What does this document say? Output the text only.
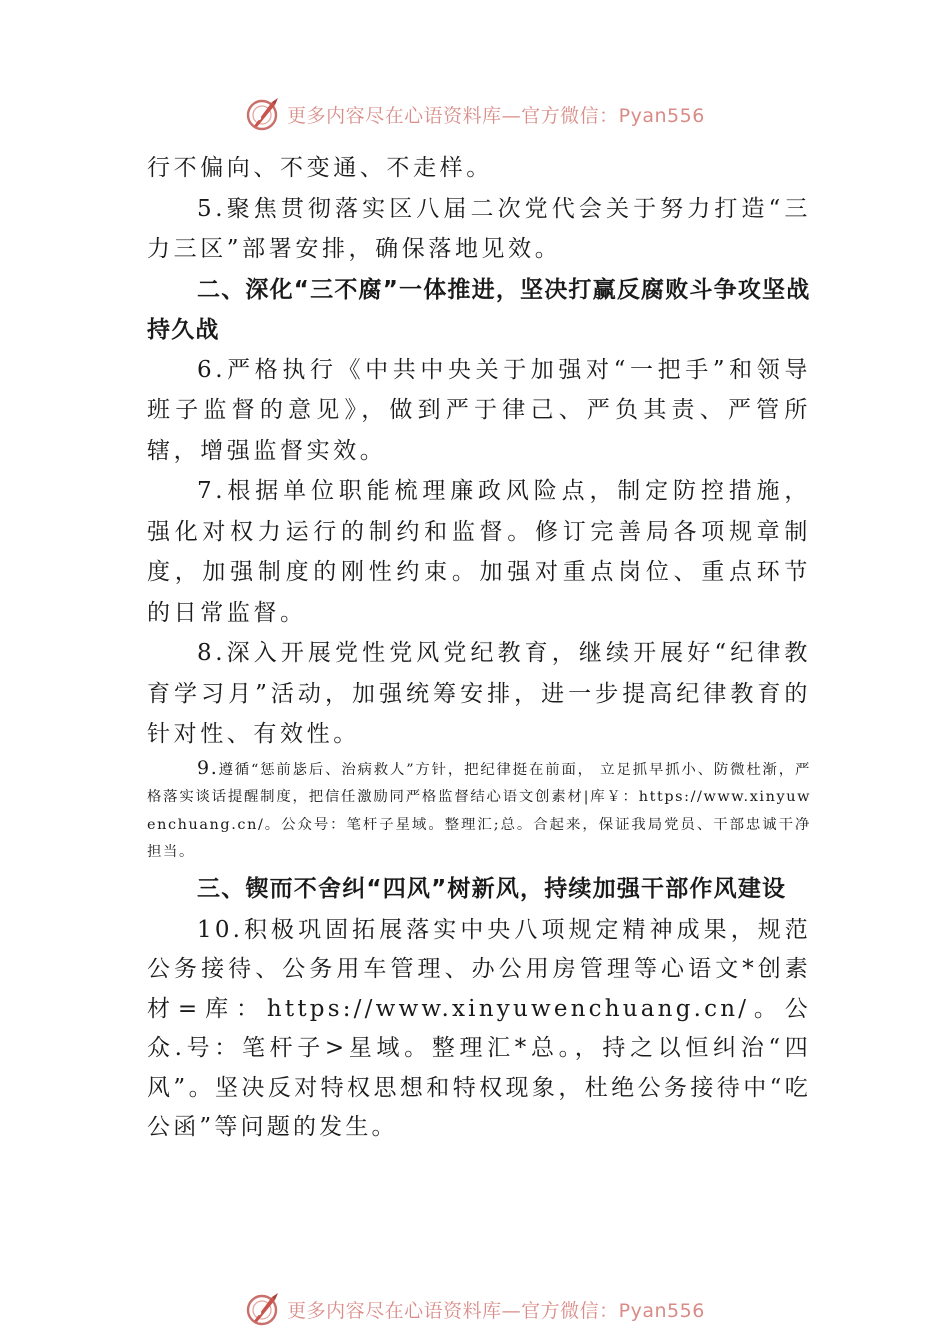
更多内容尽在心语资料库—官方微信：Pyan556

行不偏向、不变通、不走样。

5.聚焦贯彻落实区八届二次党代会关于努力打造“三力三区”部署安排，确保落地见效。

二、深化“三不腐”一体推进，坚决打赢反腐败斗争攻坚战持久战

6.严格执行《中共中央关于加强对“一把手”和领导班子监督的意见》，做到严于律己、严负其责、严管所辖，增强监督实效。

7.根据单位职能梳理廉政风险点，制定防控措施，强化对权力运行的制约和监督。修订完善局各项规章制度，加强制度的刚性约束。加强对重点岗位、重点环节的日常监督。

8.深入开展党性党风党纪教育，继续开展好“纪律教育学习月”活动，加强统筹安排，进一步提高纪律教育的针对性、有效性。

9.遵循“惩前毖后、治病救人”方针，把纪律挺在前面， 立足抓早抓小、防微杜渐，严格落实谈话提醒制度，把信任激励同严格监督结心语文创素材|库￥：https://www.xinyuwenchuang.cn/。公众号：笔杆子星域。整理汇;总。合起来，保证我局党员、干部忠诚干净担当。

三、锲而不舍纠“四风”树新风，持续加强干部作风建设

10.积极巩固拓展落实中央八项规定精神成果，规范公务接待、公务用车管理、办公用房管理等心语文*创素材=库：https://www.xinyuwenchuang.cn/。公众.号：笔杆子>星域。整理汇*总。，持之以恒纠治“四风”。坚决反对特权思想和特权现象，杜绝公务接待中“吃公函”等问题的发生。

更多内容尽在心语资料库—官方微信：Pyan556
